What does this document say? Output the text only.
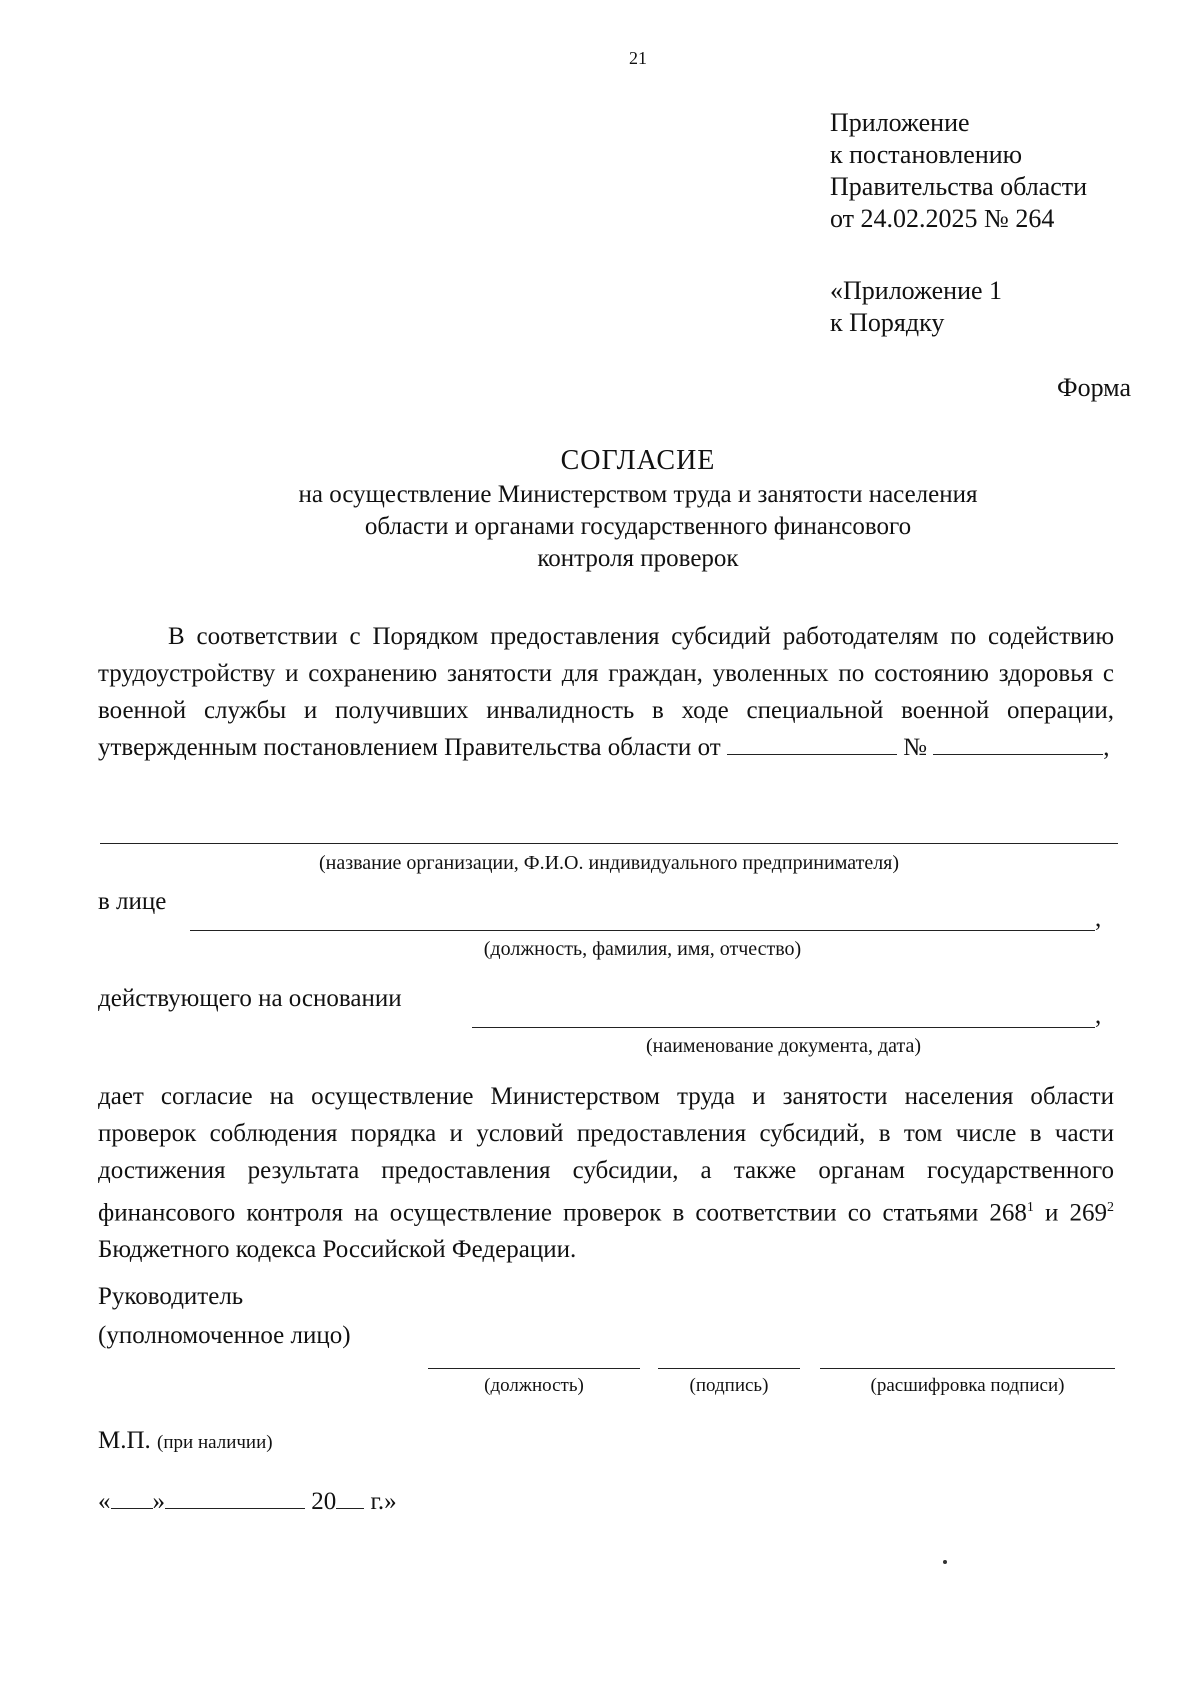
21
Приложение
к постановлению
Правительства области
от 24.02.2025 № 264
«Приложение 1
к Порядку
Форма
СОГЛАСИЕ
на осуществление Министерством труда и занятости населения
области и органами государственного финансового
контроля проверок

В соответствии с Порядком предоставления субсидий работодателям по содействию трудоустройству и сохранению занятости для граждан, уволенных по состоянию здоровья с военной службы и получивших инвалидность в ходе специальной военной операции, утвержденным постановлением Правительства области от	№	,

(название организации, Ф.И.О. индивидуального предпринимателя)
в лице
,
(должность, фамилия, имя, отчество)
действующего на основании
,
(наименование документа, дата)

дает согласие на осуществление Министерством труда и занятости населения области проверок соблюдения порядка и условий предоставления субсидий, в том числе в части достижения результата предоставления субсидии, а также органам государственного финансового контроля на осуществление проверок в соответствии со статьями $268^1$ и $269^2$ Бюджетного кодекса Российской Федерации.

Руководитель
(уполномоченное лицо)
(должность)	(подпись)	(расшифровка подписи)
М.П. (при наличии)
« »	20 г.»
